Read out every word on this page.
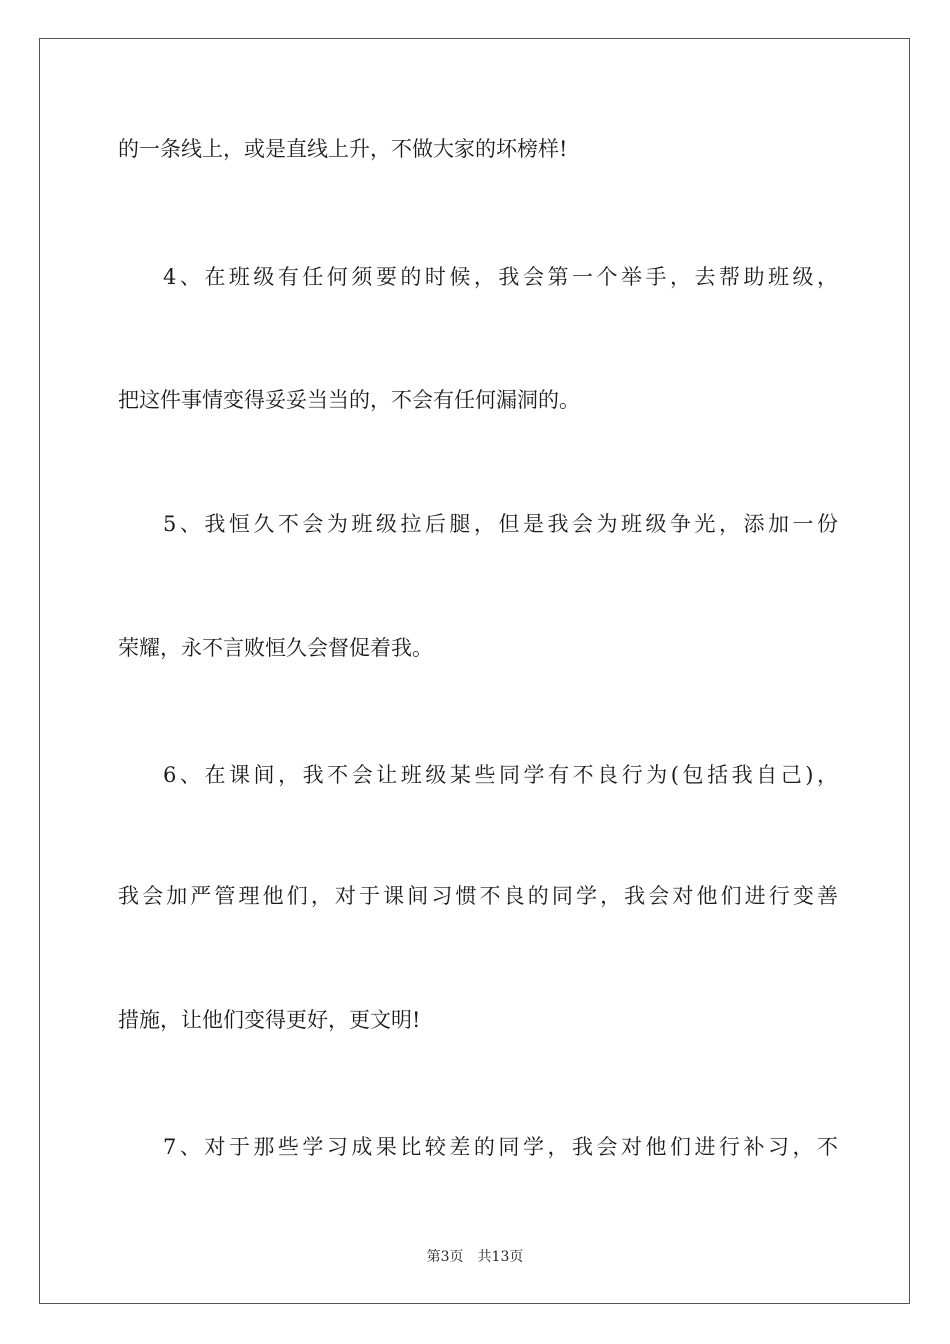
的一条线上，或是直线上升，不做大家的坏榜样!
4、在班级有任何须要的时候，我会第一个举手，去帮助班级，
把这件事情变得妥妥当当的，不会有任何漏洞的。
5、我恒久不会为班级拉后腿，但是我会为班级争光，添加一份
荣耀，永不言败恒久会督促着我。
6、在课间，我不会让班级某些同学有不良行为(包括我自己)，
我会加严管理他们，对于课间习惯不良的同学，我会对他们进行变善
措施，让他们变得更好，更文明!
7、对于那些学习成果比较差的同学，我会对他们进行补习，不
第3页　共13页
